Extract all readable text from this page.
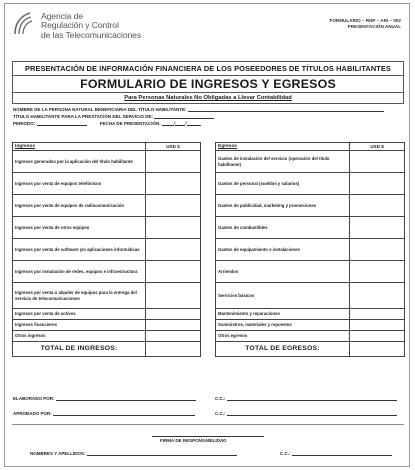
Agencia de
Regulación y Control
de las Telecomunicaciones
FORMULARIO – RHP – ARI – 002
PRESENTACIÓN ANUAL
PRESENTACIÓN DE INFORMACIÓN FINANCIERA DE LOS POSEEDORES DE TÍTULOS HABILITANTES
FORMULARIO DE INGRESOS Y EGRESOS
Para Personas Naturales No Obligadas a Llevar Contabilidad
NOMBRE DE LA PERSONA NATURAL BENEFICIARIA DEL TÍTULO HABILITANTE:
TÍTULO HABILITANTE PARA LA PRESTACIÓN DEL SERVICIO DE:
PERIODO:	FECHA DE PRESENTACIÓN:	/ /
Ingresos	USD $
Ingresos generados por la aplicación del título habilitante
Ingresos por venta de equipos telefónicos
Ingresos por venta de equipos de radiocomunicación
Ingresos por venta de otros equipos
Ingresos por venta de software y/o aplicaciones informáticas
Ingresos por instalación de redes, equipos e infraestructura
Ingresos por venta o alquiler de equipos para la entrega del servicio de telecomunicaciones
Ingresos por venta de activos
Ingresos financieros
Otros ingresos
TOTAL DE INGRESOS:
Egresos	USD $
Gastos de instalación del servicio (operación del título habilitante)
Gastos de personal (sueldos y salarios)
Gastos de publicidad, marketing y promociones
Gastos de combustibles
Gastos de equipamiento e instalaciones
Arriendos
Servicios básicos
Mantenimiento y reparaciones
Suministros, materiales y repuestos
Otros egresos
TOTAL DE EGRESOS:
ELABORADO POR:	C.C.:
APROBADO POR:	C.C.:
FIRMA DE RESPONSABILIDAD
NOMBRES Y APELLIDOS:	C.C.:
